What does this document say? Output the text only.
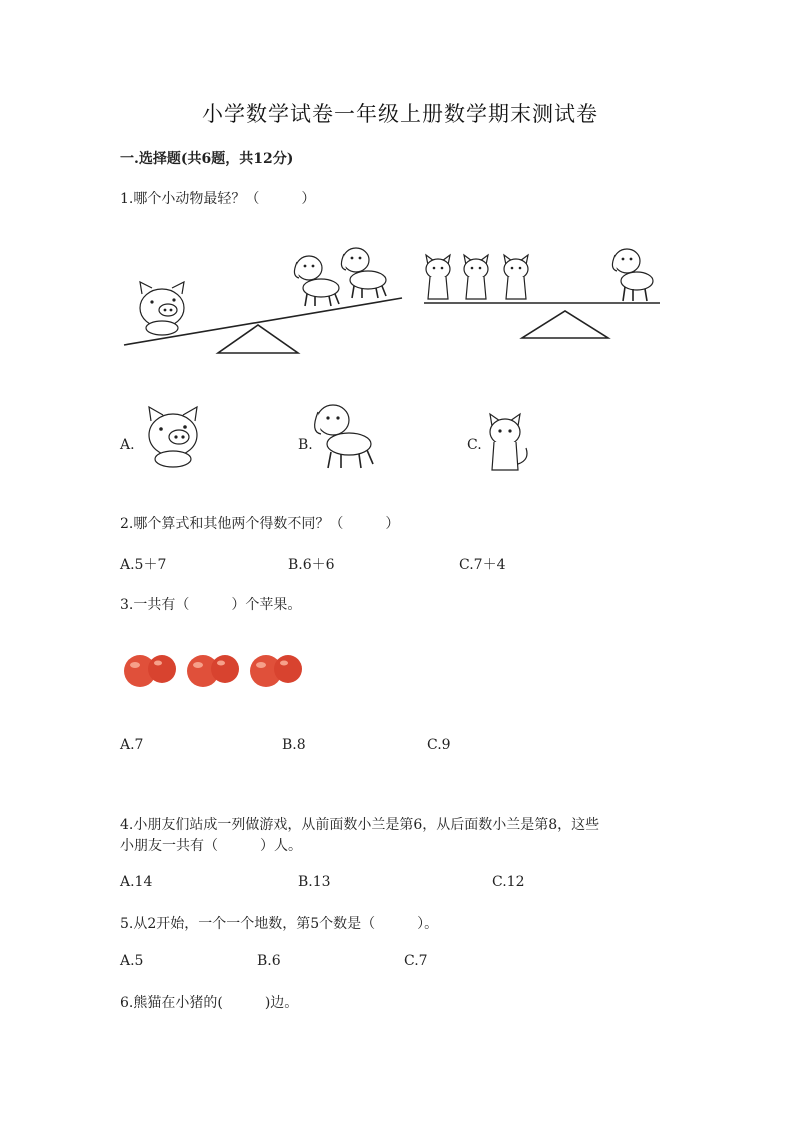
小学数学试卷一年级上册数学期末测试卷
一.选择题(共6题，共12分)
1.哪个小动物最轻？（　　　）
A.	B.	C.
2.哪个算式和其他两个得数不同？（　　　）
A.5＋7	B.6＋6	C.7＋4
3.一共有（　　　）个苹果。
A.7	B.8	C.9
4.小朋友们站成一列做游戏，从前面数小兰是第6，从后面数小兰是第8，这些
小朋友一共有（　　　）人。
A.14	B.13	C.12
5.从2开始，一个一个地数，第5个数是（　　　）。
A.5	B.6	C.7
6.熊猫在小猪的(　　　)边。
